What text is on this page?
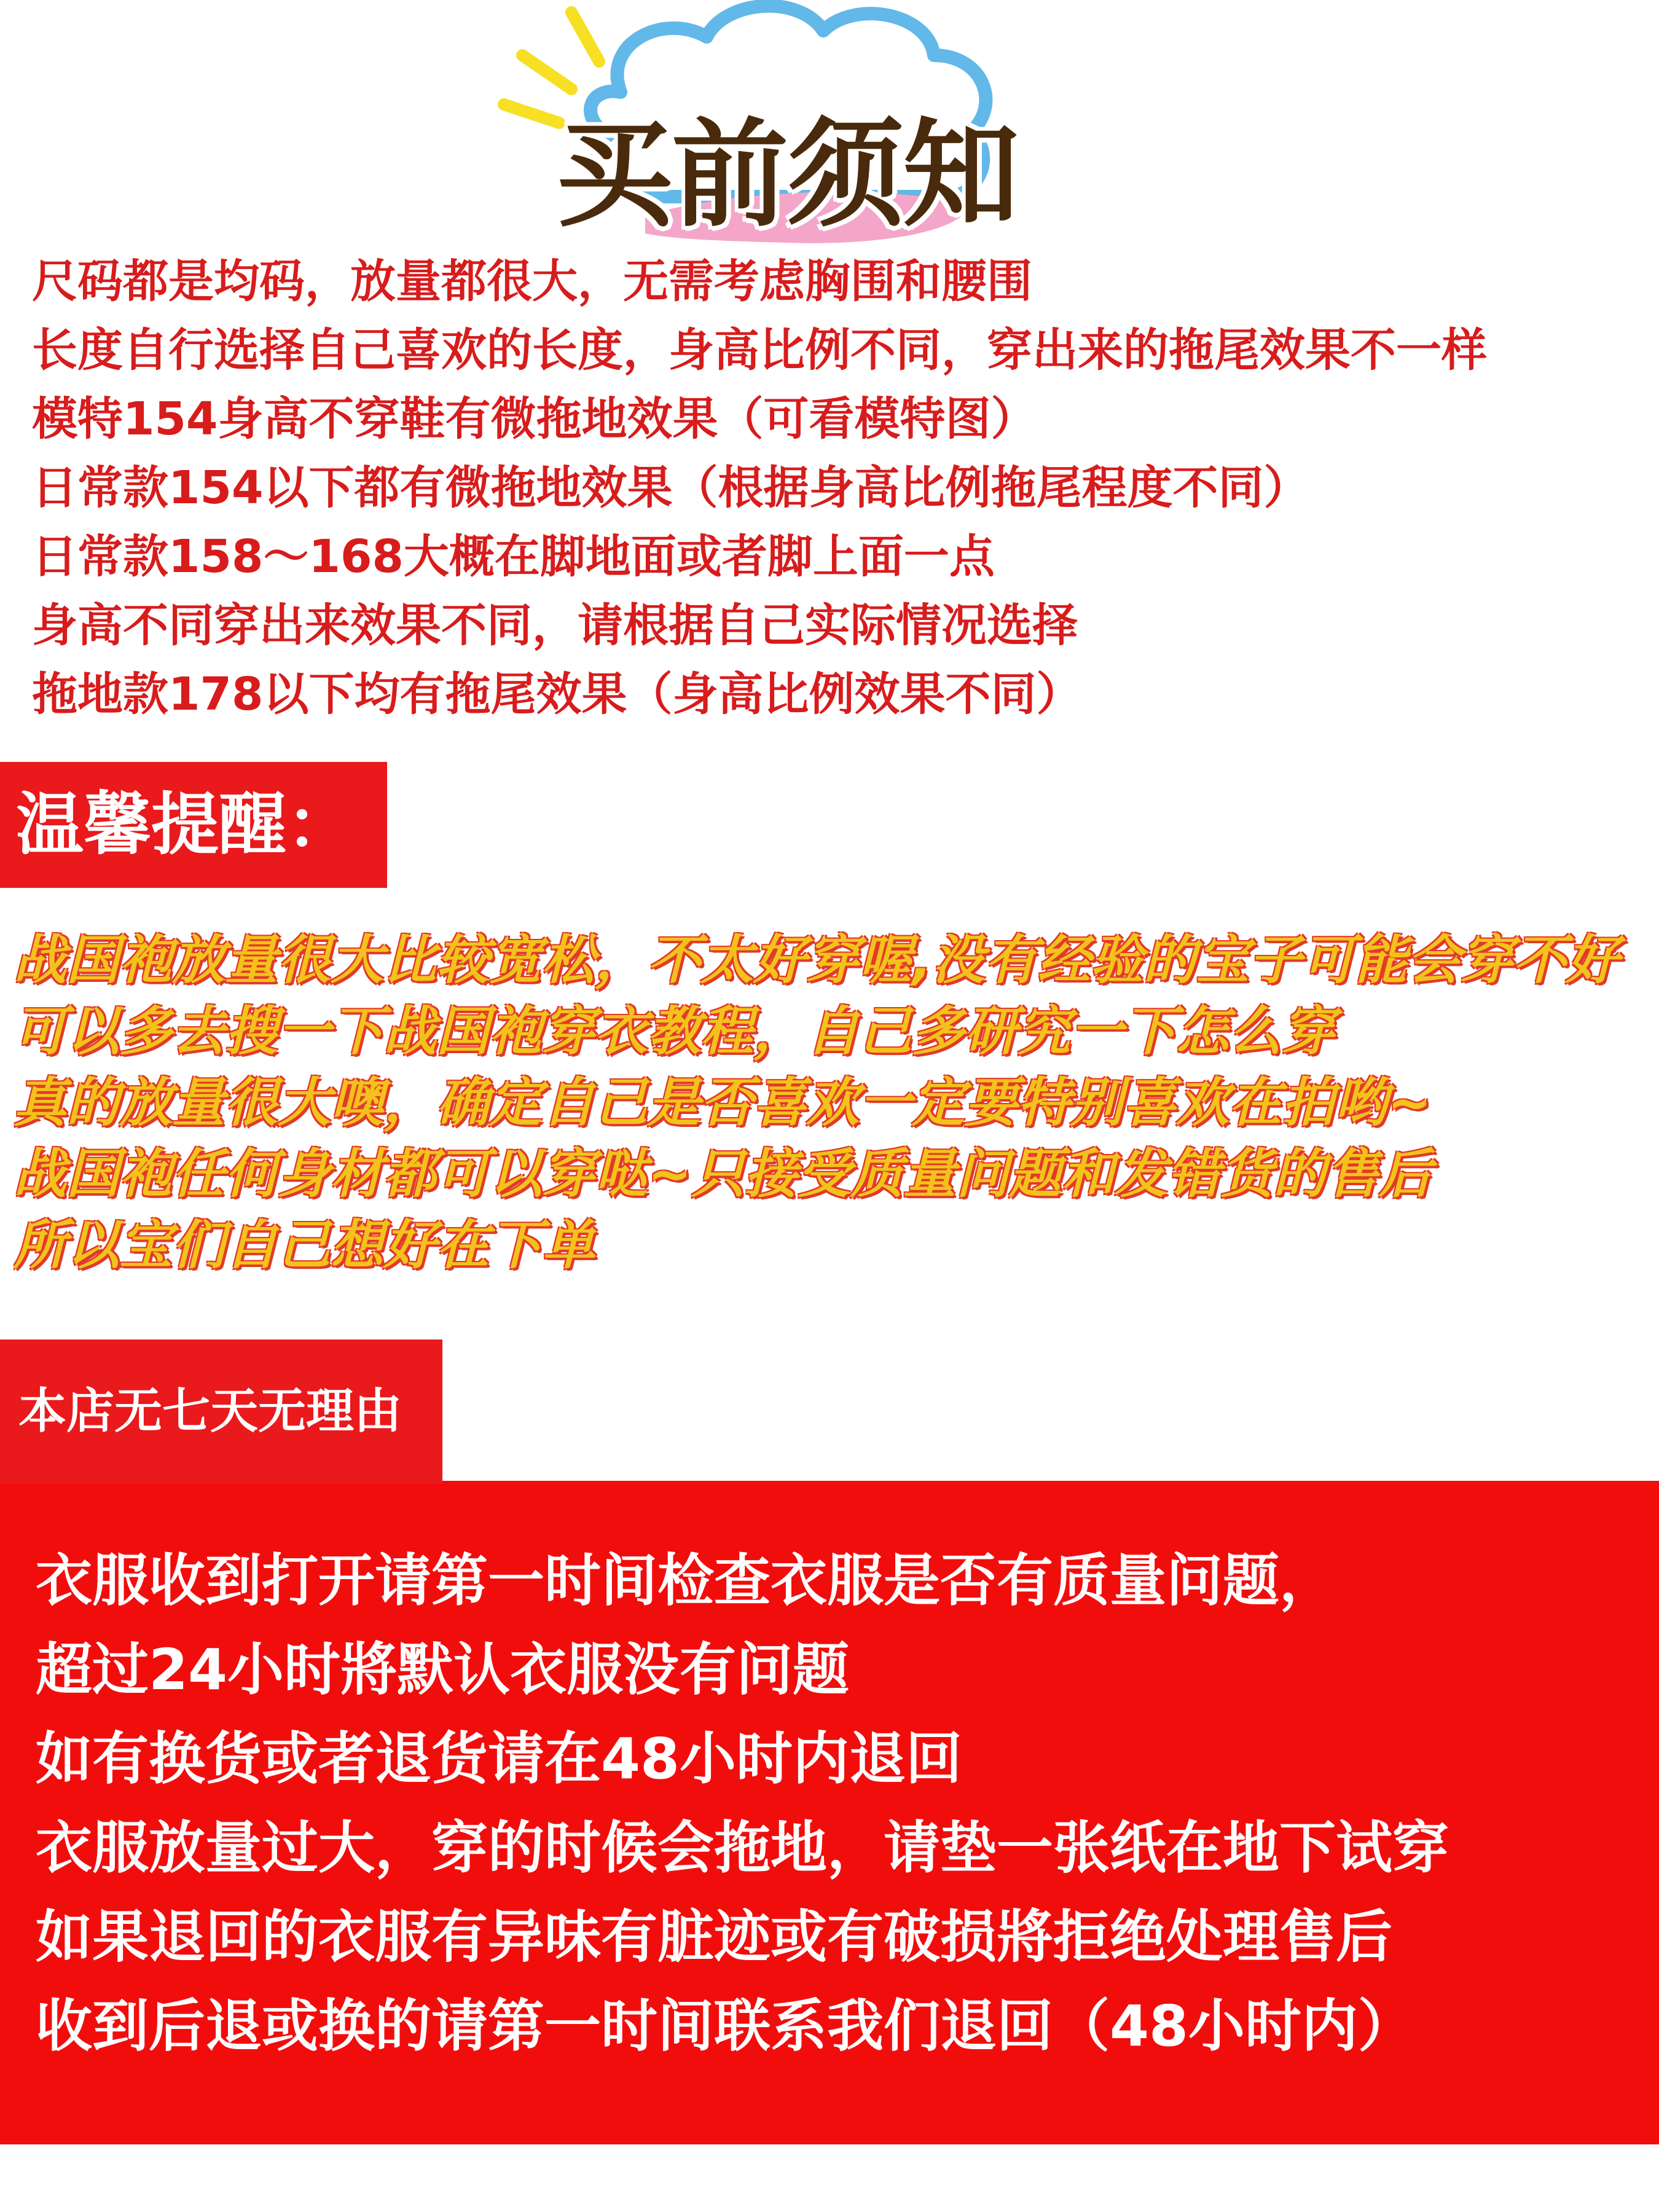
买前须知
尺码都是均码，放量都很大，无需考虑胸围和腰围
长度自行选择自己喜欢的长度，身高比例不同，穿出来的拖尾效果不一样
模特154身高不穿鞋有微拖地效果（可看模特图）
日常款154以下都有微拖地效果（根据身高比例拖尾程度不同）
日常款158～168大概在脚地面或者脚上面一点
身高不同穿出来效果不同，请根据自己实际情况选择
拖地款178以下均有拖尾效果（身高比例效果不同）
温馨提醒：
战国袍放量很大比较宽松，不太好穿喔,没有经验的宝子可能会穿不好
可以多去搜一下战国袍穿衣教程，自己多研究一下怎么穿
真的放量很大噢，确定自己是否喜欢一定要特别喜欢在拍哟~
战国袍任何身材都可以穿哒~只接受质量问题和发错货的售后
所以宝们自己想好在下单
本店无七天无理由
衣服收到打开请第一时间检查衣服是否有质量问题，
超过24小时將默认衣服没有问题
如有换货或者退货请在48小时内退回
衣服放量过大，穿的时候会拖地，请垫一张纸在地下试穿
如果退回的衣服有异味有脏迹或有破损將拒绝处理售后
收到后退或换的请第一时间联系我们退回（48小时内）
